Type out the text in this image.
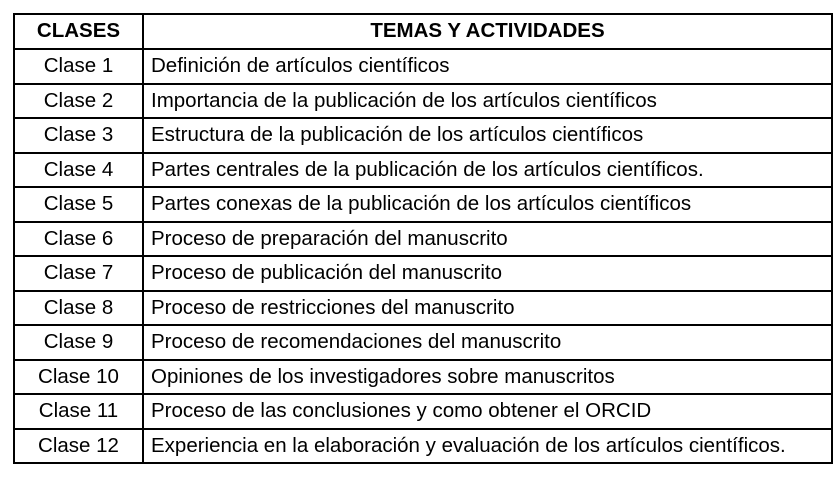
CLASES	TEMAS Y ACTIVIDADES
Clase 1	Definición de artículos científicos
Clase 2	Importancia de la publicación de los artículos científicos
Clase 3	Estructura de la publicación de los artículos científicos
Clase 4	Partes centrales de la publicación de los artículos científicos.
Clase 5	Partes conexas de la publicación de los artículos científicos
Clase 6	Proceso de preparación del manuscrito
Clase 7	Proceso de publicación del manuscrito
Clase 8	Proceso de restricciones del manuscrito
Clase 9	Proceso de recomendaciones del manuscrito
Clase 10	Opiniones de los investigadores sobre manuscritos
Clase 11	Proceso de las conclusiones y como obtener el ORCID
Clase 12	Experiencia en la elaboración y evaluación de los artículos científicos.
